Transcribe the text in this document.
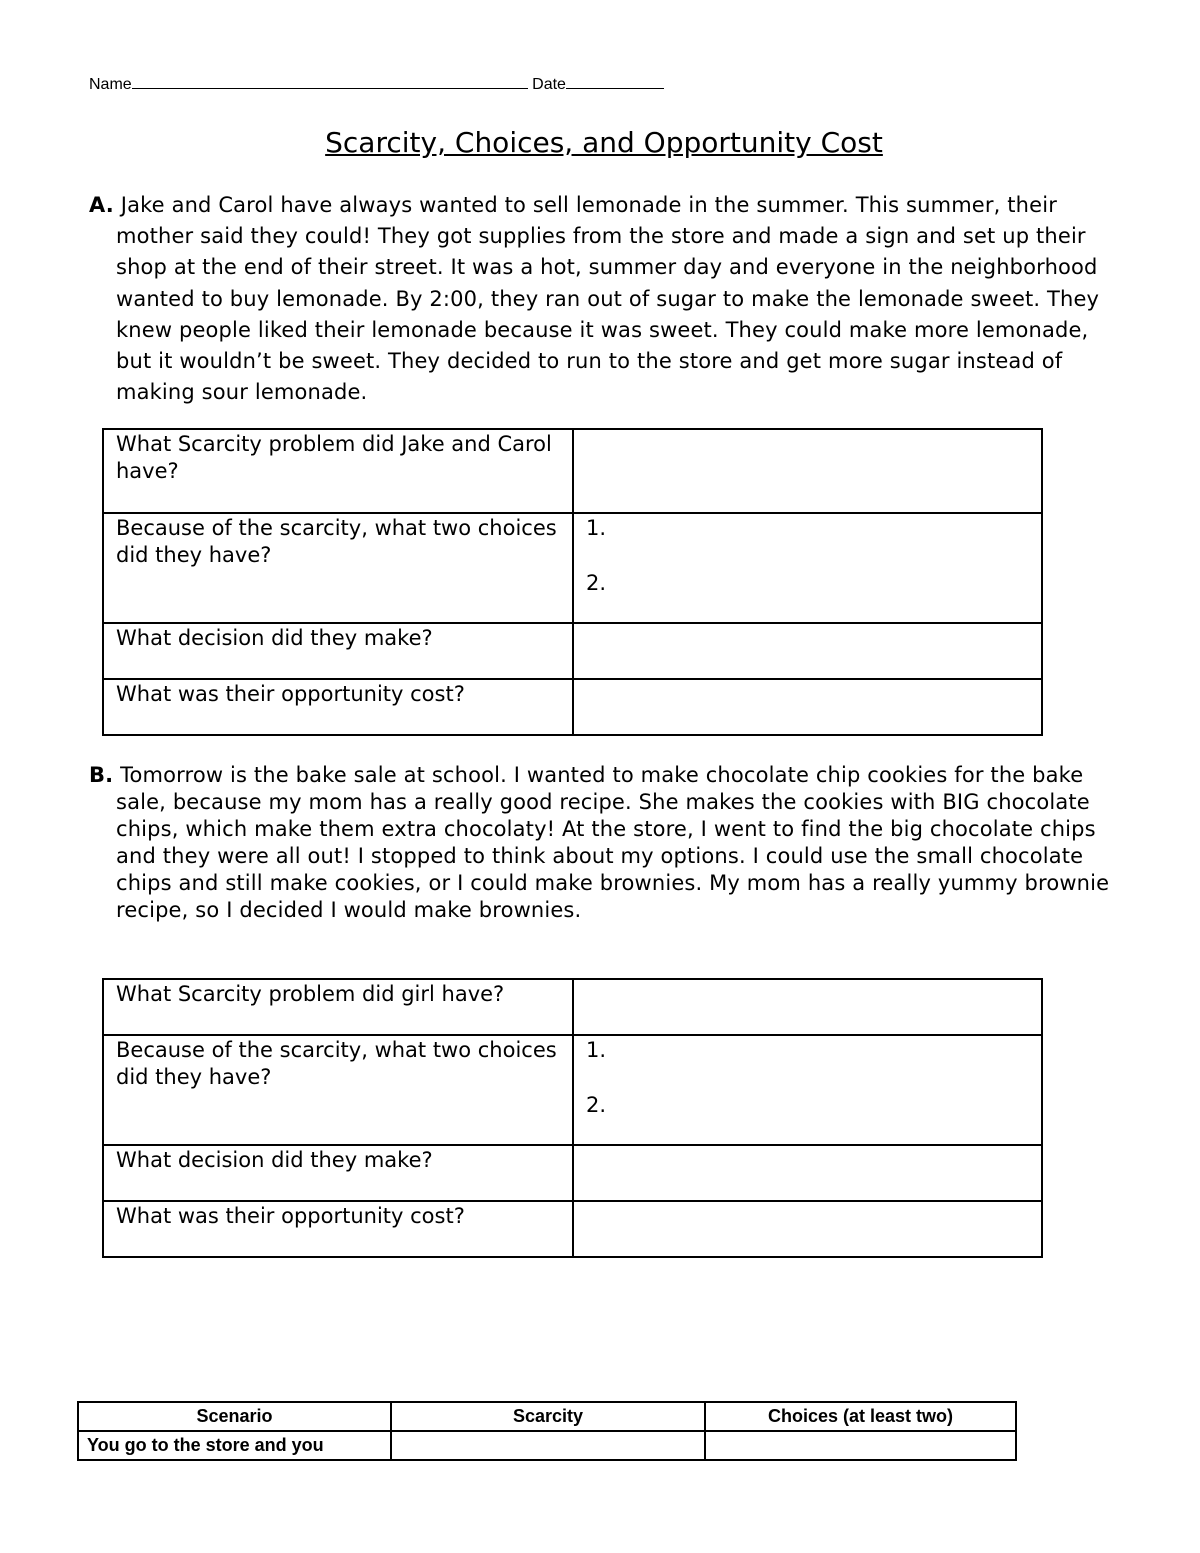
Name	Date
Scarcity, Choices, and Opportunity Cost

A. Jake and Carol have always wanted to sell lemonade in the summer. This summer, their mother said they could! They got supplies from the store and made a sign and set up their shop at the end of their street. It was a hot, summer day and everyone in the neighborhood wanted to buy lemonade. By 2:00, they ran out of sugar to make the lemonade sweet. They knew people liked their lemonade because it was sweet. They could make more lemonade, but it wouldn’t be sweet. They decided to run to the store and get more sugar instead of making sour lemonade.

What Scarcity problem did Jake and Carol have?	
Because of the scarcity, what two choices did they have?	1.
2.

What decision did they make?	
What was their opportunity cost?	

B. Tomorrow is the bake sale at school. I wanted to make chocolate chip cookies for the bake sale, because my mom has a really good recipe. She makes the cookies with BIG chocolate chips, which make them extra chocolaty! At the store, I went to find the big chocolate chips and they were all out! I stopped to think about my options. I could use the small chocolate chips and still make cookies, or I could make brownies. My mom has a really yummy brownie recipe, so I decided I would make brownies.

What Scarcity problem did girl have?	
Because of the scarcity, what two choices did they have?	1.
2.

What decision did they make?	
What was their opportunity cost?	
Scenario	Scarcity	Choices (at least two)
You go to the store and you		
